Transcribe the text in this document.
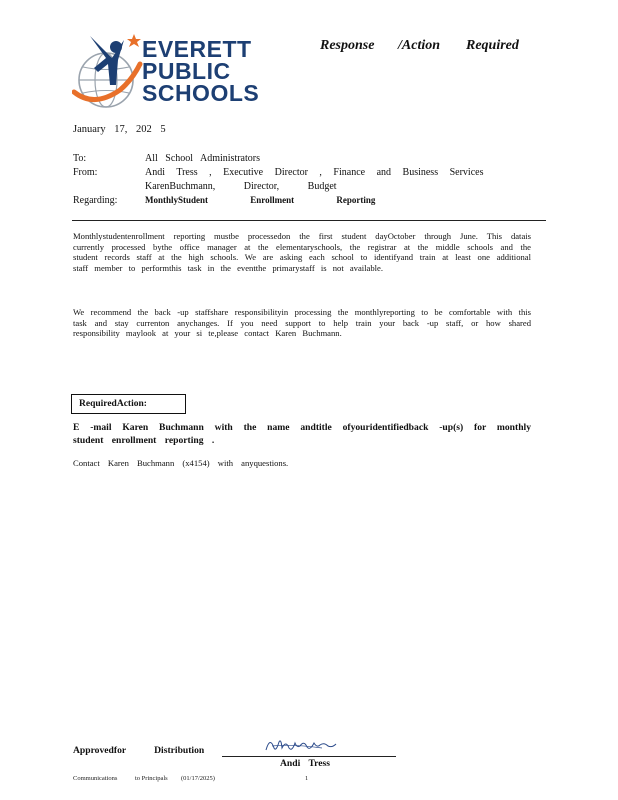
EVERETT
PUBLIC
SCHOOLS
Response /Action Required
January 17, 202 5
To:	All School Administrators
From:	Andi Tress , Executive Director , Finance and Business Services
KarenBuchmann, Director, Budget
Regarding:	MonthlyStudent Enrollment Reporting
Monthlystudentenrollment reporting mustbe processedon the first student dayOctober through June. This datais currently processed bythe office manager at the elementaryschools, the registrar at the middle schools and the student records staff at the high schools. We are asking each school to identifyand train at least one additional staff member to performthis task in the eventthe primarystaff is not available.
We recommend the back -up staffshare responsibilityin processing the monthlyreporting to be comfortable with this task and stay currenton anychanges. If you need support to help train your back -up staff, or how shared responsibility maylook at your si te,please contact Karen Buchmann.
RequiredAction:
E -mail Karen Buchmann with the name andtitle ofyouridentifiedback -up(s) for monthly student enrollment reporting .
Contact Karen Buchmann (x4154) with anyquestions.
Approvedfor	Distribution
Andi Tress
Communications	to Principals (01/17/2025)	1
